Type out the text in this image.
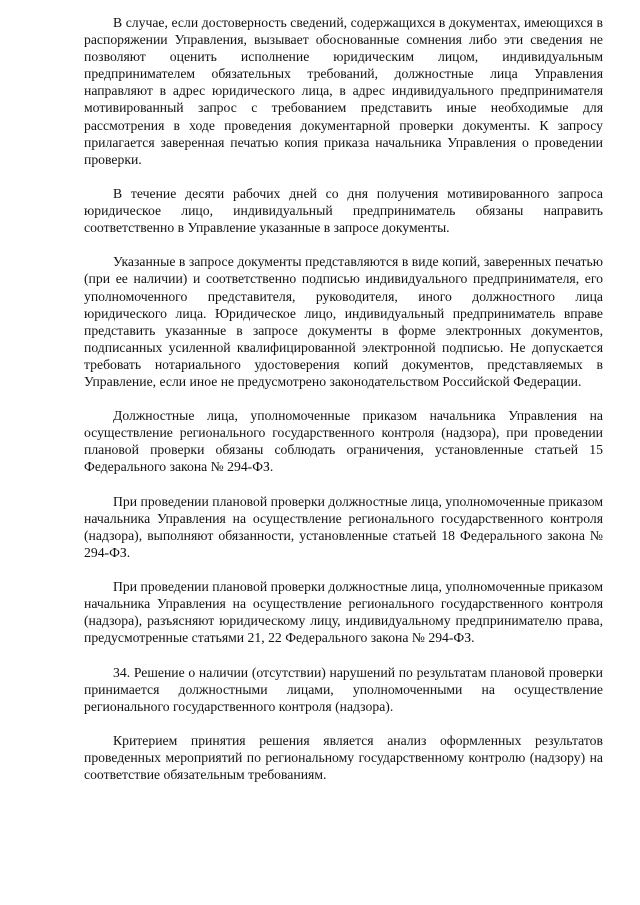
В случае, если достоверность сведений, содержащихся в документах, имеющихся в распоряжении Управления, вызывает обоснованные сомнения либо эти сведения не позволяют оценить исполнение юридическим лицом, индивидуальным предпринимателем обязательных требований, должностные лица Управления направляют в адрес юридического лица, в адрес индивидуального предпринимателя мотивированный запрос с требованием представить иные необходимые для рассмотрения в ходе проведения документарной проверки документы. К запросу прилагается заверенная печатью копия приказа начальника Управления о проведении проверки.

В течение десяти рабочих дней со дня получения мотивированного запроса юридическое лицо, индивидуальный предприниматель обязаны направить соответственно в Управление указанные в запросе документы.

Указанные в запросе документы представляются в виде копий, заверенных печатью (при ее наличии) и соответственно подписью индивидуального предпринимателя, его уполномоченного представителя, руководителя, иного должностного лица юридического лица. Юридическое лицо, индивидуальный предприниматель вправе представить указанные в запросе документы в форме электронных документов, подписанных усиленной квалифицированной электронной подписью. Не допускается требовать нотариального удостоверения копий документов, представляемых в Управление, если иное не предусмотрено законодательством Российской Федерации.

Должностные лица, уполномоченные приказом начальника Управления на осуществление регионального государственного контроля (надзора), при проведении плановой проверки обязаны соблюдать ограничения, установленные статьей 15 Федерального закона № 294-ФЗ.

При проведении плановой проверки должностные лица, уполномоченные приказом начальника Управления на осуществление регионального государственного контроля (надзора), выполняют обязанности, установленные статьей 18 Федерального закона № 294-ФЗ.

При проведении плановой проверки должностные лица, уполномоченные приказом начальника Управления на осуществление регионального государственного контроля (надзора), разъясняют юридическому лицу, индивидуальному предпринимателю права, предусмотренные статьями 21, 22 Федерального закона № 294-ФЗ.

34. Решение о наличии (отсутствии) нарушений по результатам плановой проверки принимается должностными лицами, уполномоченными на осуществление регионального государственного контроля (надзора).

Критерием принятия решения является анализ оформленных результатов проведенных мероприятий по региональному государственному контролю (надзору) на соответствие обязательным требованиям.
